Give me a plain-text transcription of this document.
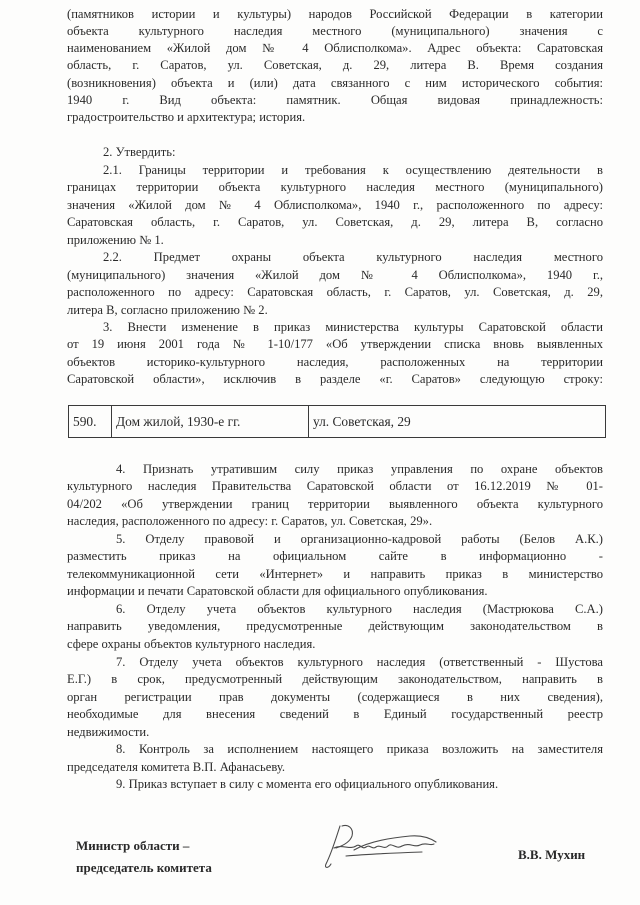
(памятников истории и культуры) народов Российской Федерации в категории
объекта культурного наследия местного (муниципального) значения с
наименованием «Жилой дом № 4 Облисполкома». Адрес объекта: Саратовская
область, г. Саратов, ул. Советская, д. 29, литера В. Время создания
(возникновения) объекта и (или) дата связанного с ним исторического события:
1940 г. Вид объекта: памятник. Общая видовая принадлежность:
градостроительство и архитектура; история.
2. Утвердить:
2.1. Границы территории и требования к осуществлению деятельности в
границах территории объекта культурного наследия местного (муниципального)
значения «Жилой дом № 4 Облисполкома», 1940 г., расположенного по адресу:
Саратовская область, г. Саратов, ул. Советская, д. 29, литера В, согласно
приложению № 1.
2.2. Предмет охраны объекта культурного наследия местного
(муниципального) значения «Жилой дом № 4 Облисполкома», 1940 г.,
расположенного по адресу: Саратовская область, г. Саратов, ул. Советская, д. 29,
литера В, согласно приложению № 2.
3. Внести изменение в приказ министерства культуры Саратовской области
от 19 июня 2001 года № 1-10/177 «Об утверждении списка вновь выявленных
объектов историко-культурного наследия, расположенных на территории
Саратовской области», исключив в разделе «г. Саратов» следующую строку:
590.	Дом жилой, 1930-е гг.	ул. Советская, 29
4. Признать утратившим силу приказ управления по охране объектов
культурного наследия Правительства Саратовской области от 16.12.2019 № 01-
04/202 «Об утверждении границ территории выявленного объекта культурного
наследия, расположенного по адресу: г. Саратов, ул. Советская, 29».
5. Отделу правовой и организационно-кадровой работы (Белов А.К.)
разместить приказ на официальном сайте в информационно -
телекоммуникационной сети «Интернет» и направить приказ в министерство
информации и печати Саратовской области для официального опубликования.
6. Отделу учета объектов культурного наследия (Мастрюкова С.А.)
направить уведомления, предусмотренные действующим законодательством в
сфере охраны объектов культурного наследия.
7. Отделу учета объектов культурного наследия (ответственный - Шустова
Е.Г.) в срок, предусмотренный действующим законодательством, направить в
орган регистрации прав документы (содержащиеся в них сведения),
необходимые для внесения сведений в Единый государственный реестр
недвижимости.
8. Контроль за исполнением настоящего приказа возложить на заместителя
председателя комитета В.П. Афанасьеву.
9. Приказ вступает в силу с момента его официального опубликования.
Министр области –
председатель комитета
В.В. Мухин
